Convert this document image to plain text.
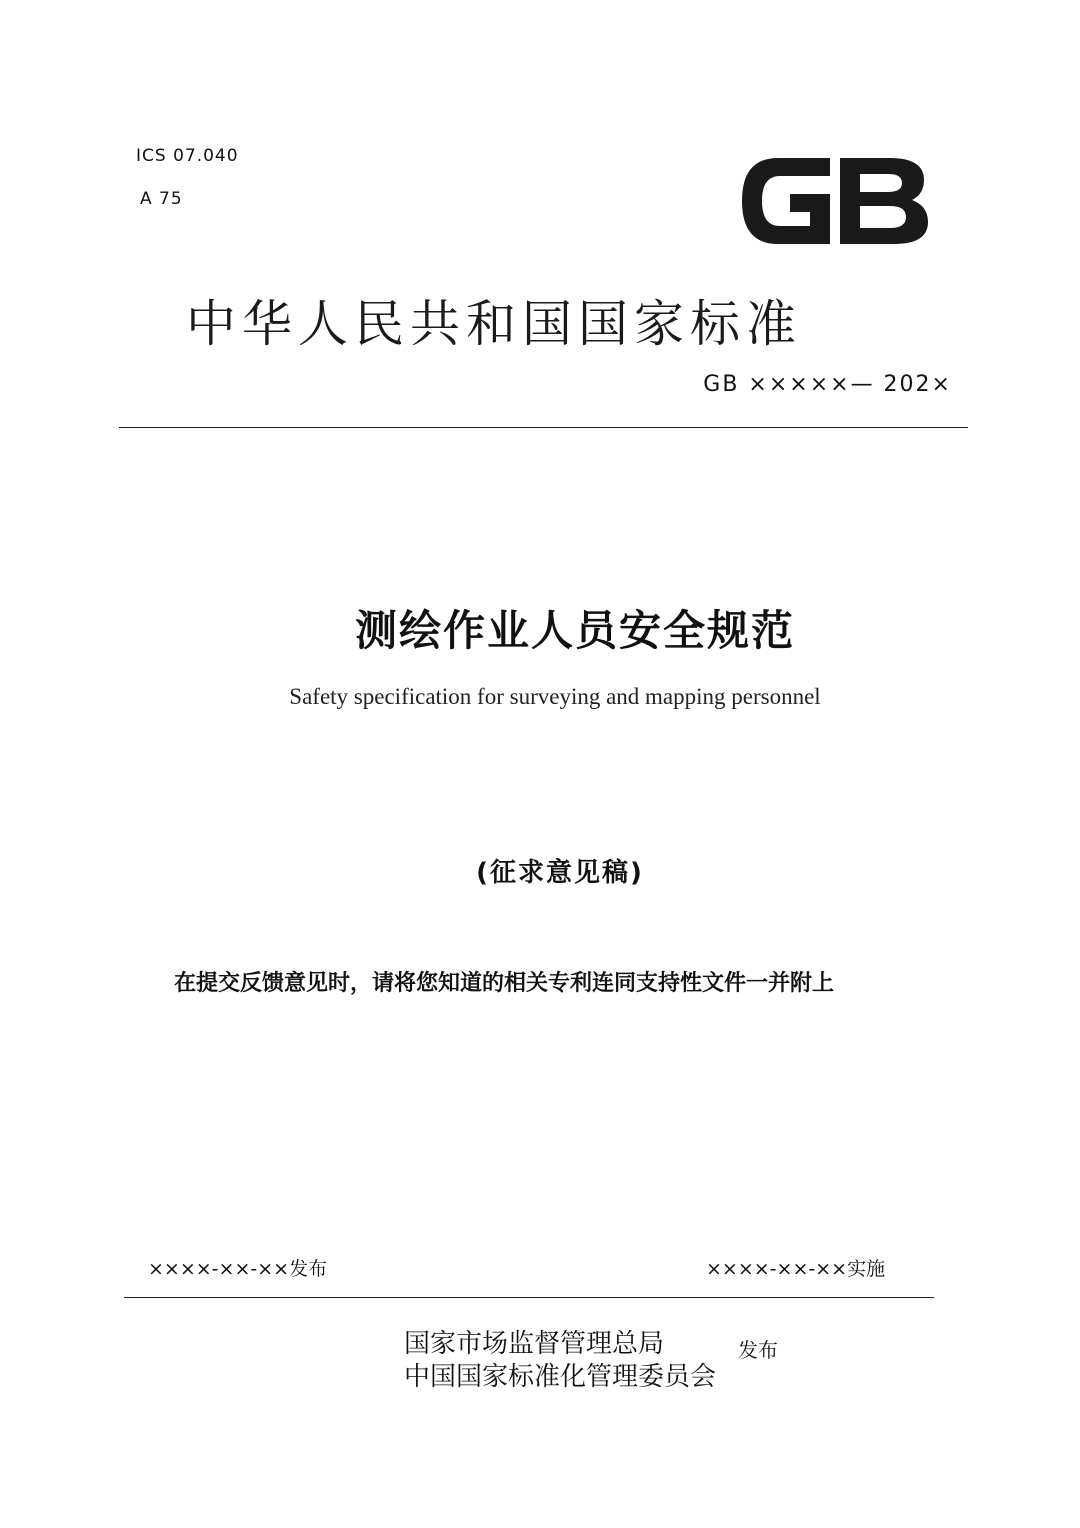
ICS 07.040
A 75
中华人民共和国国家标准
GB ×××××— 202×
测绘作业人员安全规范
Safety specification for surveying and mapping personnel
(征求意见稿)
在提交反馈意见时，请将您知道的相关专利连同支持性文件一并附上
××××-××-××发布	××××-××-××实施
国家市场监督管理总局
中国国家标准化管理委员会
发布
